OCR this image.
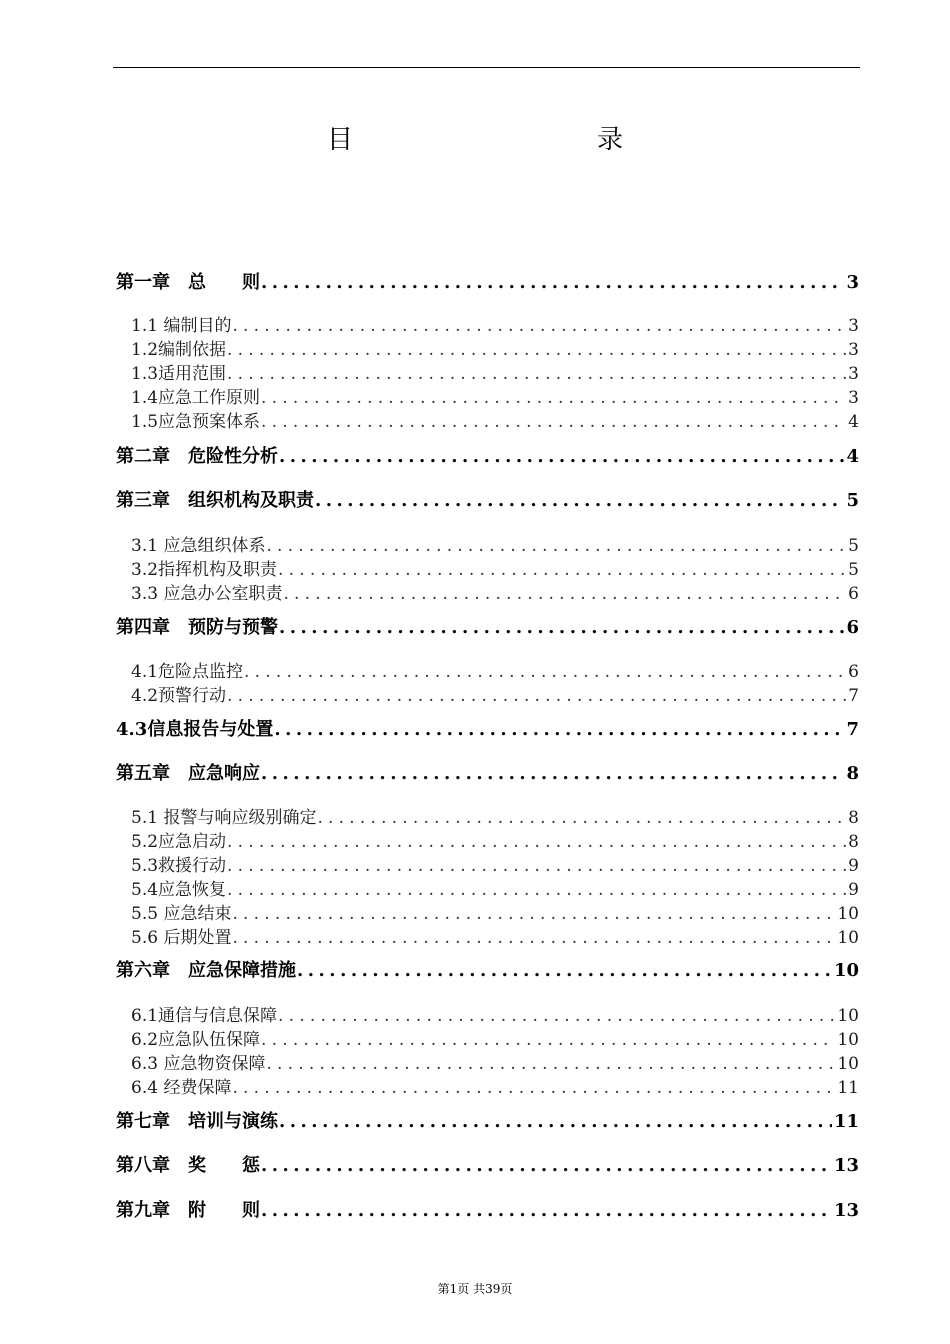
目　　录
第一章　总　　则 .....	3
1.1 编制目的 .....	3
1.2编制依据 .....	3
1.3适用范围 .....	3
1.4应急工作原则 .....	3
1.5应急预案体系 .....	4
第二章　危险性分析 .....	4
第三章　组织机构及职责 .....	5
3.1 应急组织体系 .....	5
3.2指挥机构及职责 .....	5
3.3 应急办公室职责 .....	6
第四章　预防与预警 .....	6
4.1危险点监控 .....	6
4.2预警行动 .....	7
4.3信息报告与处置 .....	7
第五章　应急响应 .....	8
5.1 报警与响应级别确定 .....	8
5.2应急启动 .....	8
5.3救援行动 .....	9
5.4应急恢复 .....	9
5.5 应急结束 .....	10
5.6 后期处置 .....	10
第六章　应急保障措施 .....	10
6.1通信与信息保障 .....	10
6.2应急队伍保障 .....	10
6.3 应急物资保障 .....	10
6.4 经费保障 .....	11
第七章　培训与演练 .....	11
第八章　奖　　惩 .....	13
第九章　附　　则 .....	13
第1页 共39页
